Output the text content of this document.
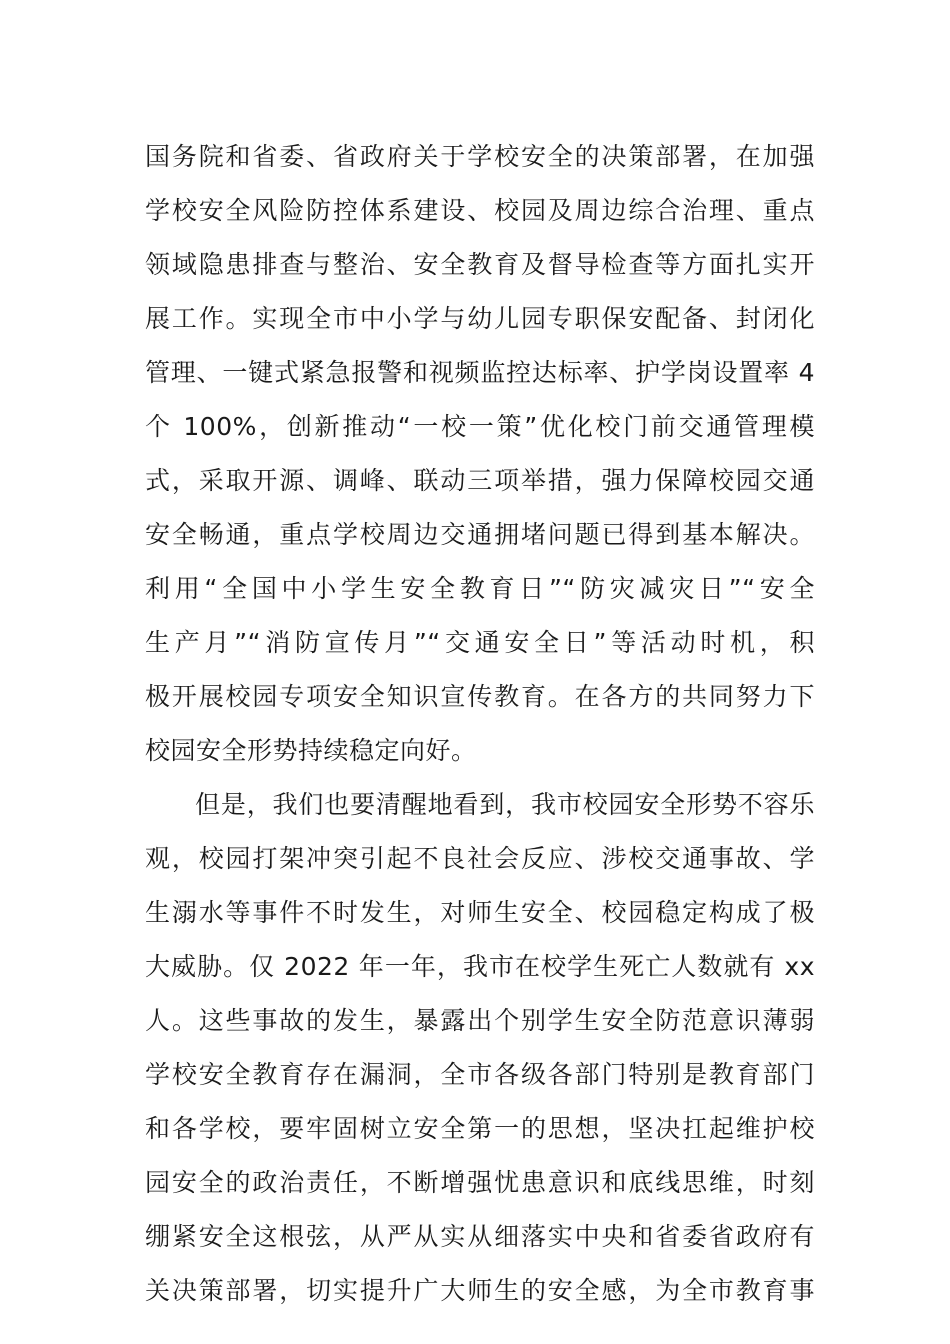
国务院和省委、省政府关于学校安全的决策部署，在加强
学校安全风险防控体系建设、校园及周边综合治理、重点
领域隐患排查与整治、安全教育及督导检查等方面扎实开
展工作。实现全市中小学与幼儿园专职保安配备、封闭化
管理、一键式紧急报警和视频监控达标率、护学岗设置率 4
个 100%，创新推动“一校一策”优化校门前交通管理模
式，采取开源、调峰、联动三项举措，强力保障校园交通
安全畅通，重点学校周边交通拥堵问题已得到基本解决。
利用“全国中小学生安全教育日”“防灾减灾日”“安全
生产月”“消防宣传月”“交通安全日”等活动时机，积
极开展校园专项安全知识宣传教育。在各方的共同努力下
校园安全形势持续稳定向好。
但是，我们也要清醒地看到，我市校园安全形势不容乐
观，校园打架冲突引起不良社会反应、涉校交通事故、学
生溺水等事件不时发生，对师生安全、校园稳定构成了极
大威胁。仅 2022 年一年，我市在校学生死亡人数就有 xx
人。这些事故的发生，暴露出个别学生安全防范意识薄弱
学校安全教育存在漏洞，全市各级各部门特别是教育部门
和各学校，要牢固树立安全第一的思想，坚决扛起维护校
园安全的政治责任，不断增强忧患意识和底线思维，时刻
绷紧安全这根弦，从严从实从细落实中央和省委省政府有
关决策部署，切实提升广大师生的安全感，为全市教育事
